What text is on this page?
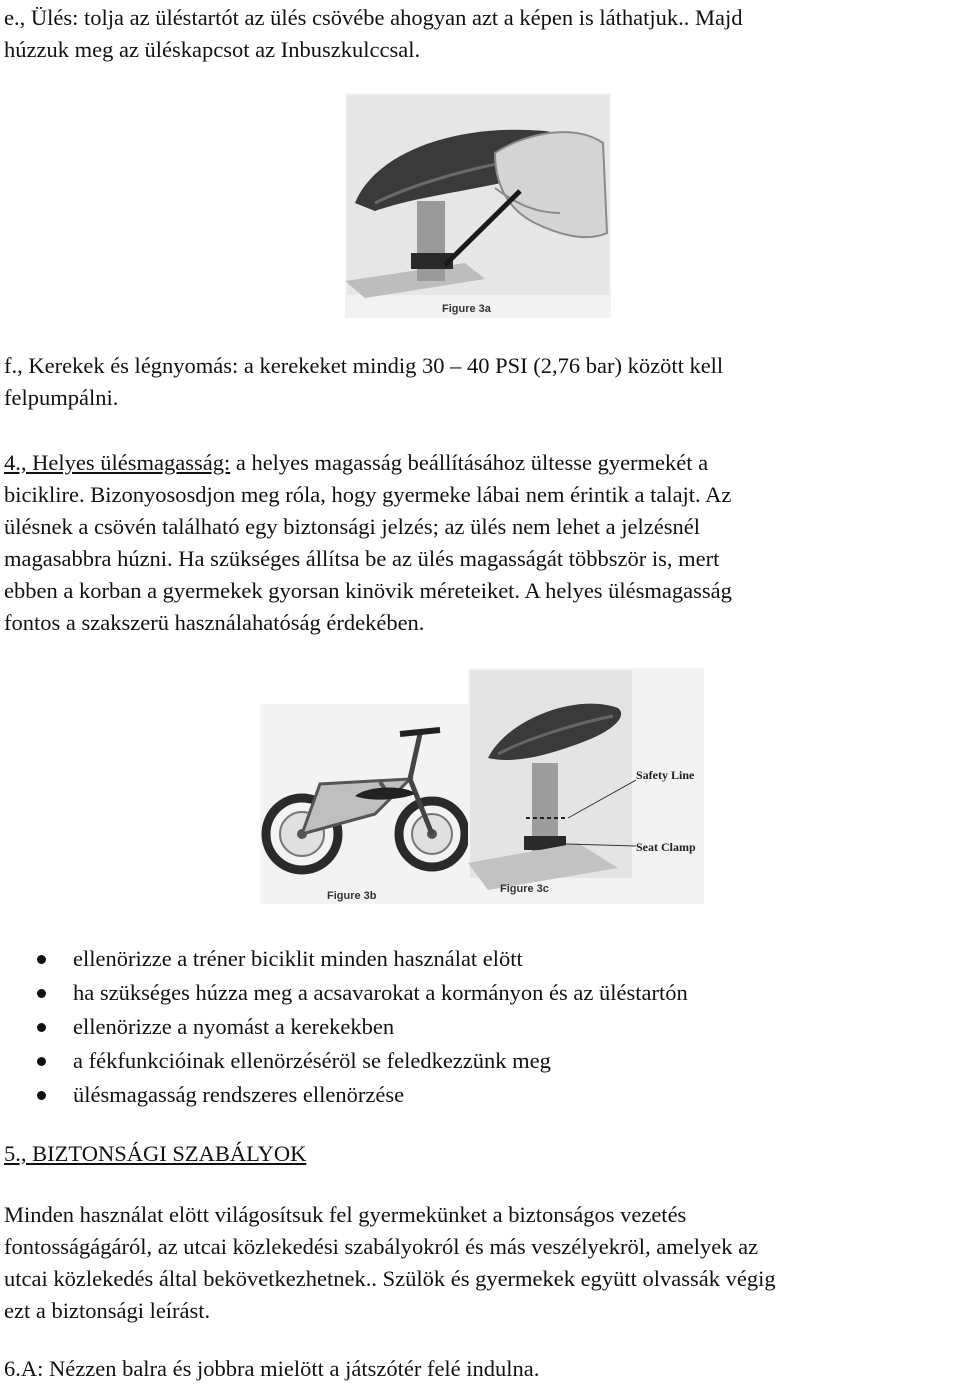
e., Ülés: tolja az üléstartót az ülés csövébe ahogyan azt a képen is láthatjuk.. Majd
húzzuk meg az üléskapcsot az Inbuszkulccsal.
Figure 3a
f., Kerekek és légnyomás: a kerekeket mindig 30 – 40 PSI (2,76 bar) között kell
felpumpálni.
4., Helyes ülésmagasság: a helyes magasság beállításához ültesse gyermekét a
biciklire. Bizonyososdjon meg róla, hogy gyermeke lábai nem érintik a talajt. Az
ülésnek a csövén található egy biztonsági jelzés; az ülés nem lehet a jelzésnél
magasabbra húzni. Ha szükséges állítsa be az ülés magasságát többször is, mert
ebben a korban a gyermekek gyorsan kinövik méreteiket. A helyes ülésmagasság
fontos a szakszerü használahatóság érdekében.
Figure 3b
Safety Line
Seat Clamp
Figure 3c
ellenörizze a tréner biciklit minden használat elött
ha szükséges húzza meg a acsavarokat a kormányon és az üléstartón
ellenörizze a nyomást a kerekekben
a fékfunkcióinak ellenörzéséröl se feledkezzünk meg
ülésmagasság rendszeres ellenörzése
5., BIZTONSÁGI SZABÁLYOK
Minden használat elött világosítsuk fel gyermekünket a biztonságos vezetés
fontosságágáról, az utcai közlekedési szabályokról és más veszélyekröl, amelyek az
utcai közlekedés által bekövetkezhetnek.. Szülök és gyermekek együtt olvassák végig
ezt a biztonsági leírást.
6.A: Nézzen balra és jobbra mielött a játszótér felé indulna.
